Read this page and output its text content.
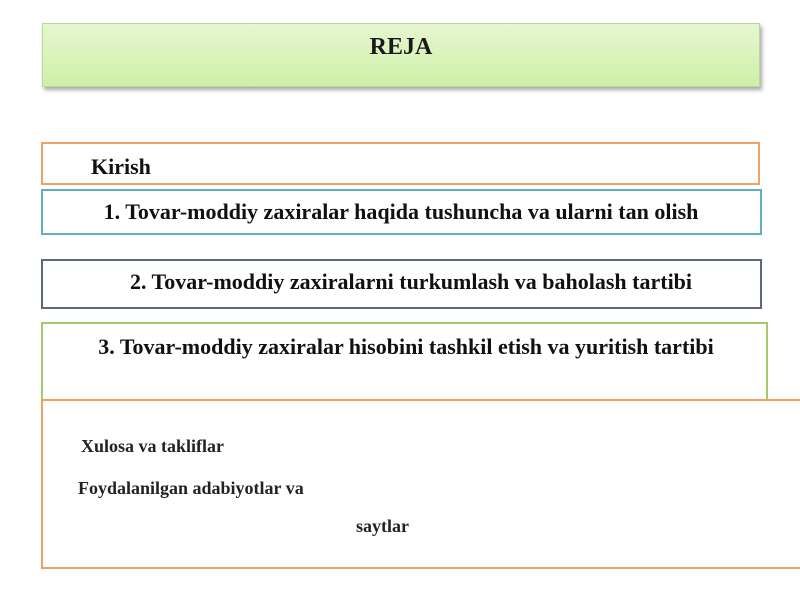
REJA
Kirish
1. Tovar-moddiy zaxiralar haqida tushuncha va ularni tan olish
2. Tovar-moddiy zaxiralarni turkumlash va baholash tartibi
3. Tovar-moddiy zaxiralar hisobini tashkil etish va yuritish tartibi
Xulosa va takliflar
Foydalanilgan adabiyotlar va
saytlar
